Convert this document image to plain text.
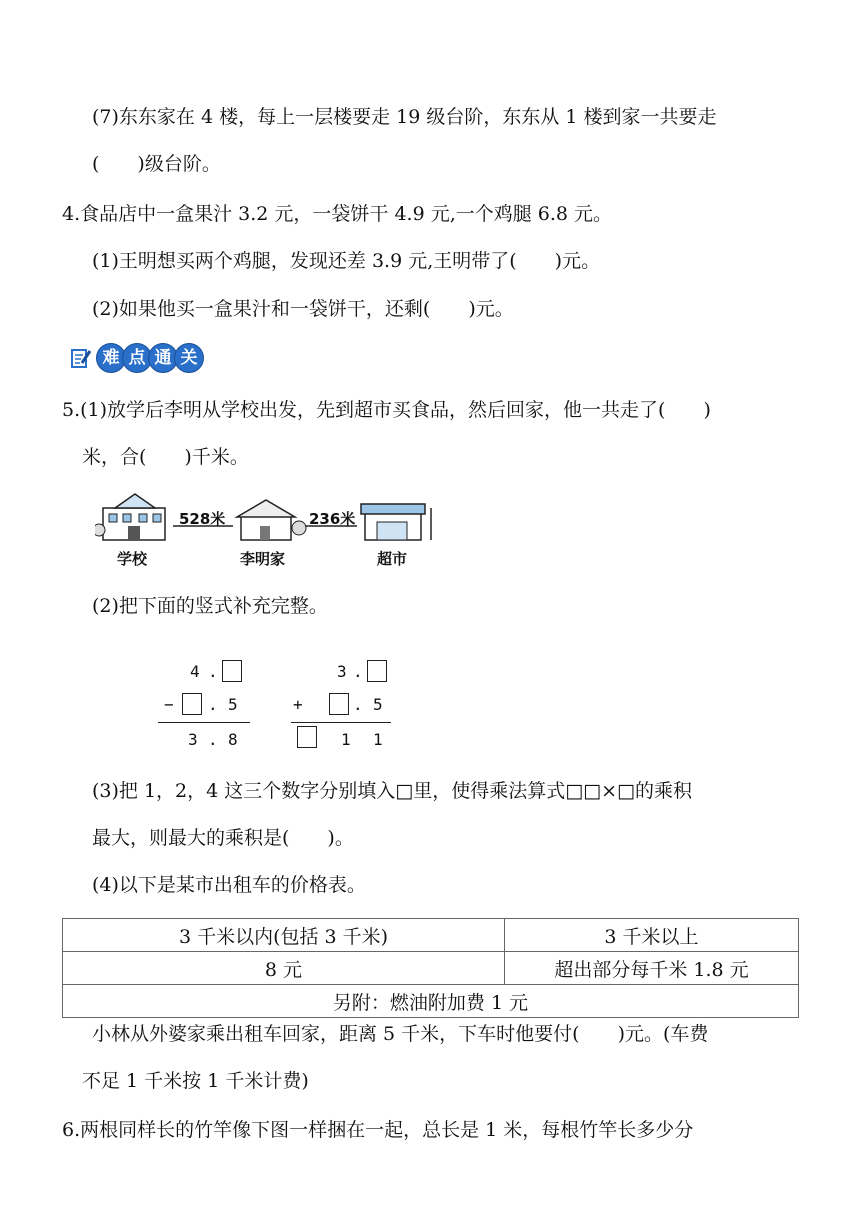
(7)东东家在 4 楼，每上一层楼要走 19 级台阶，东东从 1 楼到家一共要走
(　　)级台阶。
4.食品店中一盒果汁 3.2 元，一袋饼干 4.9 元,一个鸡腿 6.8 元。
(1)王明想买两个鸡腿，发现还差 3.9 元,王明带了(　　)元。
(2)如果他买一盒果汁和一袋饼干，还剩(　　)元。
难 点 通 关
5.(1)放学后李明从学校出发，先到超市买食品，然后回家，他一共走了(　　)
米，合(　　)千米。
528米	236米
学校	李明家	超市
(2)把下面的竖式补充完整。
4 .
− . 5
3 . 8
3 .
+	. 5
1 1
(3)把 1，2，4 这三个数字分别填入□里，使得乘法算式□□×□的乘积
最大，则最大的乘积是(　　)。
(4)以下是某市出租车的价格表。
3 千米以内(包括 3 千米)	3 千米以上
8 元	超出部分每千米 1.8 元
另附：燃油附加费 1 元	
小林从外婆家乘出租车回家，距离 5 千米，下车时他要付(　　)元。(车费
不足 1 千米按 1 千米计费)
6.两根同样长的竹竿像下图一样捆在一起，总长是 1 米，每根竹竿长多少分
